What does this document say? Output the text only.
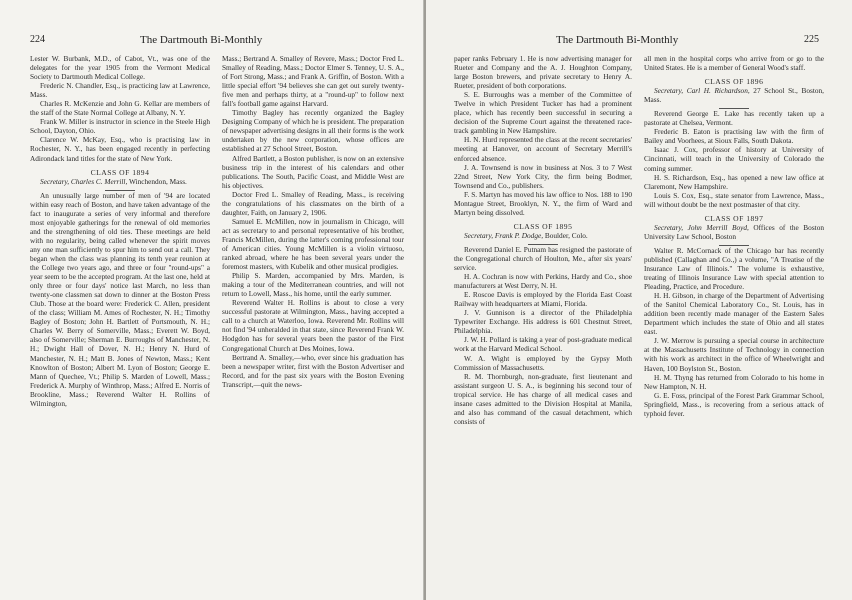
224	The Dartmouth Bi-Monthly

Lester W. Burbank, M.D., of Cabot, Vt., was one of the delegates for the year 1905 from the Vermont Medical Society to Dartmouth Medical College.

Frederic N. Chandler, Esq., is practicing law at Lawrence, Mass.

Charles R. McKenzie and John G. Kellar are members of the staff of the State Normal College at Albany, N. Y.

Frank W. Miller is instructor in science in the Steele High School, Dayton, Ohio.

Clarence W. McKay, Esq., who is practising law in Rochester, N. Y., has been engaged recently in perfecting Adirondack land titles for the state of New York.

CLASS OF 1894

Secretary, Charles C. Merrill, Winchendon, Mass.

An unusually large number of men of '94 are located within easy reach of Boston, and have taken advantage of the fact to inaugurate a series of very informal and therefore most enjoyable gatherings for the renewal of old memories and the strengthening of old ties. These meetings are held with no regularity, being called whenever the spirit moves any one man sufficiently to spur him to send out a call. They began when the class was planning its tenth year reunion at the College two years ago, and three or four "round-ups" a year seem to be the accepted program. At the last one, held at only three or four days' notice last March, no less than twenty-one classmen sat down to dinner at the Boston Press Club. Those at the board were: Frederick C. Allen, president of the class; William M. Ames of Rochester, N. H.; Timothy Bagley of Boston; John H. Bartlett of Portsmouth, N. H.; Charles W. Berry of Somerville, Mass.; Everett W. Boyd, also of Somerville; Sherman E. Burroughs of Manchester, N. H.; Dwight Hall of Dover, N. H.; Henry N. Hurd of Manchester, N. H.; Matt B. Jones of Newton, Mass.; Kent Knowlton of Boston; Albert M. Lyon of Boston; George E. Mann of Quechee, Vt.; Philip S. Marden of Lowell, Mass.; Frederick A. Murphy of Winthrop, Mass.; Alfred E. Norris of Brookline, Mass.; Reverend Walter H. Rollins of Wilmington,

Mass.; Bertrand A. Smalley of Revere, Mass.; Doctor Fred L. Smalley of Reading, Mass.; Doctor Elmer S. Tenney, U. S. A., of Fort Strong, Mass.; and Frank A. Griffin, of Boston. With a little special effort '94 believes she can get out surely twenty-five men and perhaps thirty, at a "round-up" to follow next fall's football game against Harvard.

Timothy Bagley has recently organized the Bagley Designing Company of which he is president. The preparation of newspaper advertising designs in all their forms is the work undertaken by the new corporation, whose offices are established at 27 School Street, Boston.

Alfred Bartlett, a Boston publisher, is now on an extensive business trip in the interest of his calendars and other publications. The South, Pacific Coast, and Middle West are his objectives.

Doctor Fred L. Smalley of Reading, Mass., is receiving the congratulations of his classmates on the birth of a daughter, Faith, on January 2, 1906.

Samuel E. McMillen, now in journalism in Chicago, will act as secretary to and personal representative of his brother, Francis McMillen, during the latter's coming professional tour of American cities. Young McMillen is a violin virtuoso, ranked abroad, where he has been several years under the foremost masters, with Kubelik and other musical prodigies.

Philip S. Marden, accompanied by Mrs. Marden, is making a tour of the Mediterranean countries, and will not return to Lowell, Mass., his home, until the early summer.

Reverend Walter H. Rollins is about to close a very successful pastorate at Wilmington, Mass., having accepted a call to a church at Waterloo, Iowa. Reverend Mr. Rollins will not find '94 unheralded in that state, since Reverend Frank W. Hodgdon has for several years been the pastor of the First Congregational Church at Des Moines, Iowa.

Bertrand A. Smalley,—who, ever since his graduation has been a newspaper writer, first with the Boston Advertiser and Record, and for the past six years with the Boston Evening Transcript,—quit the news-

The Dartmouth Bi-Monthly	225

paper ranks February 1. He is now advertising manager for Rueter and Company and the A. J. Houghton Company, large Boston brewers, and private secretary to Henry A. Rueter, president of both corporations.

S. E. Burroughs was a member of the Committee of Twelve in which President Tucker has had a prominent place, which has recently been successful in securing a decision of the Supreme Court against the threatened race-track gambling in New Hampshire.

H. N. Hurd represented the class at the recent secretaries' meeting at Hanover, on account of Secretary Merrill's enforced absence.

J. A. Townsend is now in business at Nos. 3 to 7 West 22nd Street, New York City, the firm being Bodmer, Townsend and Co., publishers.

F. S. Martyn has moved his law office to Nos. 188 to 190 Montague Street, Brooklyn, N. Y., the firm of Ward and Martyn being dissolved.

CLASS OF 1895

Secretary, Frank P. Dodge, Boulder, Colo.

Reverend Daniel E. Putnam has resigned the pastorate of the Congregational church of Houlton, Me., after six years' service.

H. A. Cochran is now with Perkins, Hardy and Co., shoe manufacturers at West Derry, N. H.

E. Roscoe Davis is employed by the Florida East Coast Railway with headquarters at Miami, Florida.

J. V. Gunnison is a director of the Philadelphia Typewriter Exchange. His address is 601 Chestnut Street, Philadelphia.

J. W. H. Pollard is taking a year of post-graduate medical work at the Harvard Medical School.

W. A. Wight is employed by the Gypsy Moth Commission of Massachusetts.

R. M. Thornburgh, non-graduate, first lieutenant and assistant surgeon U. S. A., is beginning his second tour of tropical service. He has charge of all medical cases and insane cases admitted to the Division Hospital at Manila, and also has command of the casual detachment, which consists of

all men in the hospital corps who arrive from or go to the United States. He is a member of General Wood's staff.

CLASS OF 1896

Secretary, Carl H. Richardson, 27 School St., Boston, Mass.

Reverend George E. Lake has recently taken up a pastorate at Chelsea, Vermont.

Frederic B. Eaton is practising law with the firm of Bailey and Voorhees, at Sioux Falls, South Dakota.

Isaac J. Cox, professor of history at University of Cincinnati, will teach in the University of Colorado the coming summer.

H. S. Richardson, Esq., has opened a new law office at Claremont, New Hampshire.

Louis S. Cox, Esq., state senator from Lawrence, Mass., will without doubt be the next postmaster of that city.

CLASS OF 1897

Secretary, John Merrill Boyd, Offices of the Boston University Law School, Boston

Walter R. McCornack of the Chicago bar has recently published (Callaghan and Co.,) a volume, "A Treatise of the Insurance Law of Illinois." The volume is exhaustive, treating of Illinois Insurance Law with special attention to Pleading, Practice, and Procedure.

H. H. Gibson, in charge of the Department of Advertising of the Sanitol Chemical Laboratory Co., St. Louis, has in addition been recently made manager of the Eastern Sales Department which includes the state of Ohio and all states east.

J. W. Merrow is pursuing a special course in architecture at the Massachusetts Institute of Technology in connection with his work as architect in the office of Wheelwright and Haven, 100 Boylston St., Boston.

H. M. Thyng has returned from Colorado to his home in New Hampton, N. H.

G. E. Foss, principal of the Forest Park Grammar School, Springfield, Mass., is recovering from a serious attack of typhoid fever.
